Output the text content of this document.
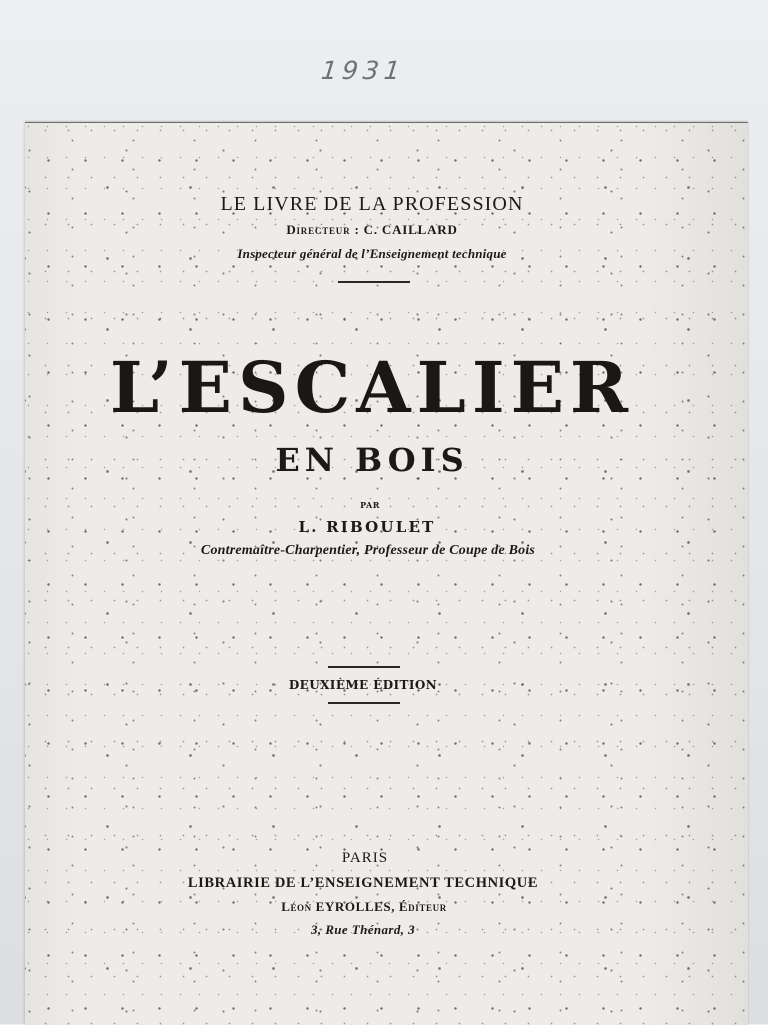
1931
LE LIVRE DE LA PROFESSION
Directeur : C. CAILLARD
Inspecteur général de l’Enseignement technique
L’ESCALIER
EN BOIS
PAR
L. RIBOULET
Contremaître-Charpentier, Professeur de Coupe de Bois
DEUXIÈME ÉDITION
PARIS
LIBRAIRIE DE L’ENSEIGNEMENT TECHNIQUE
Léon EYROLLES, Éditeur
3, Rue Thénard, 3
